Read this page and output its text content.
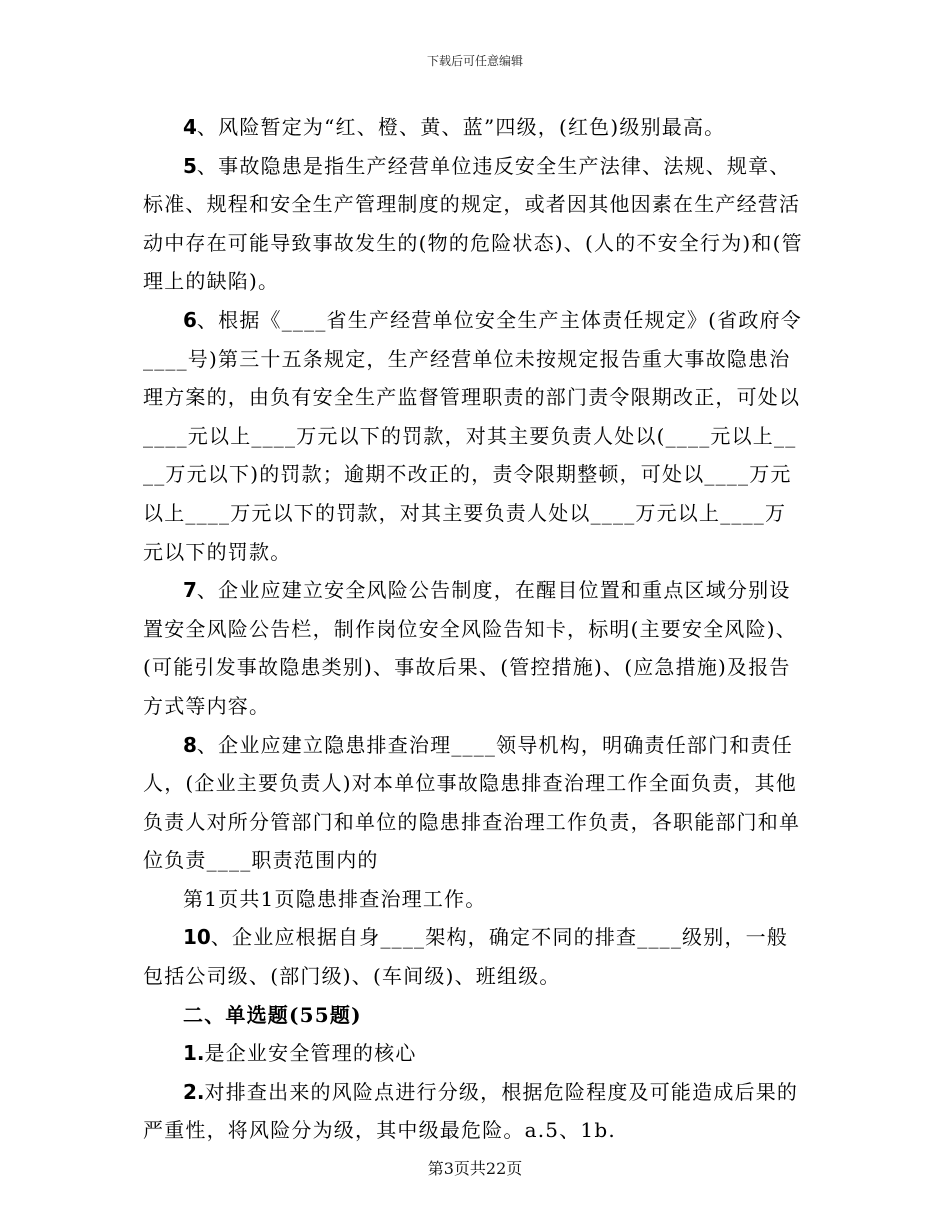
下载后可任意编辑

4、风险暂定为“红、橙、黄、蓝”四级，(红色)级别最高。

5、事故隐患是指生产经营单位违反安全生产法律、法规、规章、标准、规程和安全生产管理制度的规定，或者因其他因素在生产经营活动中存在可能导致事故发生的(物的危险状态)、(人的不安全行为)和(管理上的缺陷)。

6、根据《____省生产经营单位安全生产主体责任规定》(省政府令____号)第三十五条规定，生产经营单位未按规定报告重大事故隐患治理方案的，由负有安全生产监督管理职责的部门责令限期改正，可处以____元以上____万元以下的罚款，对其主要负责人处以(____元以上____万元以下)的罚款；逾期不改正的，责令限期整顿，可处以____万元以上____万元以下的罚款，对其主要负责人处以____万元以上____万元以下的罚款。

7、企业应建立安全风险公告制度，在醒目位置和重点区域分别设置安全风险公告栏，制作岗位安全风险告知卡，标明(主要安全风险)、(可能引发事故隐患类别)、事故后果、(管控措施)、(应急措施)及报告方式等内容。

8、企业应建立隐患排查治理____领导机构，明确责任部门和责任人，(企业主要负责人)对本单位事故隐患排查治理工作全面负责，其他负责人对所分管部门和单位的隐患排查治理工作负责，各职能部门和单位负责____职责范围内的

第1页共1页隐患排查治理工作。

10、企业应根据自身____架构，确定不同的排查____级别，一般包括公司级、(部门级)、(车间级)、班组级。

二、单选题(55题)

1.是企业安全管理的核心

2.对排查出来的风险点进行分级，根据危险程度及可能造成后果的严重性，将风险分为级，其中级最危险。a.5、1b.

第3页共22页
